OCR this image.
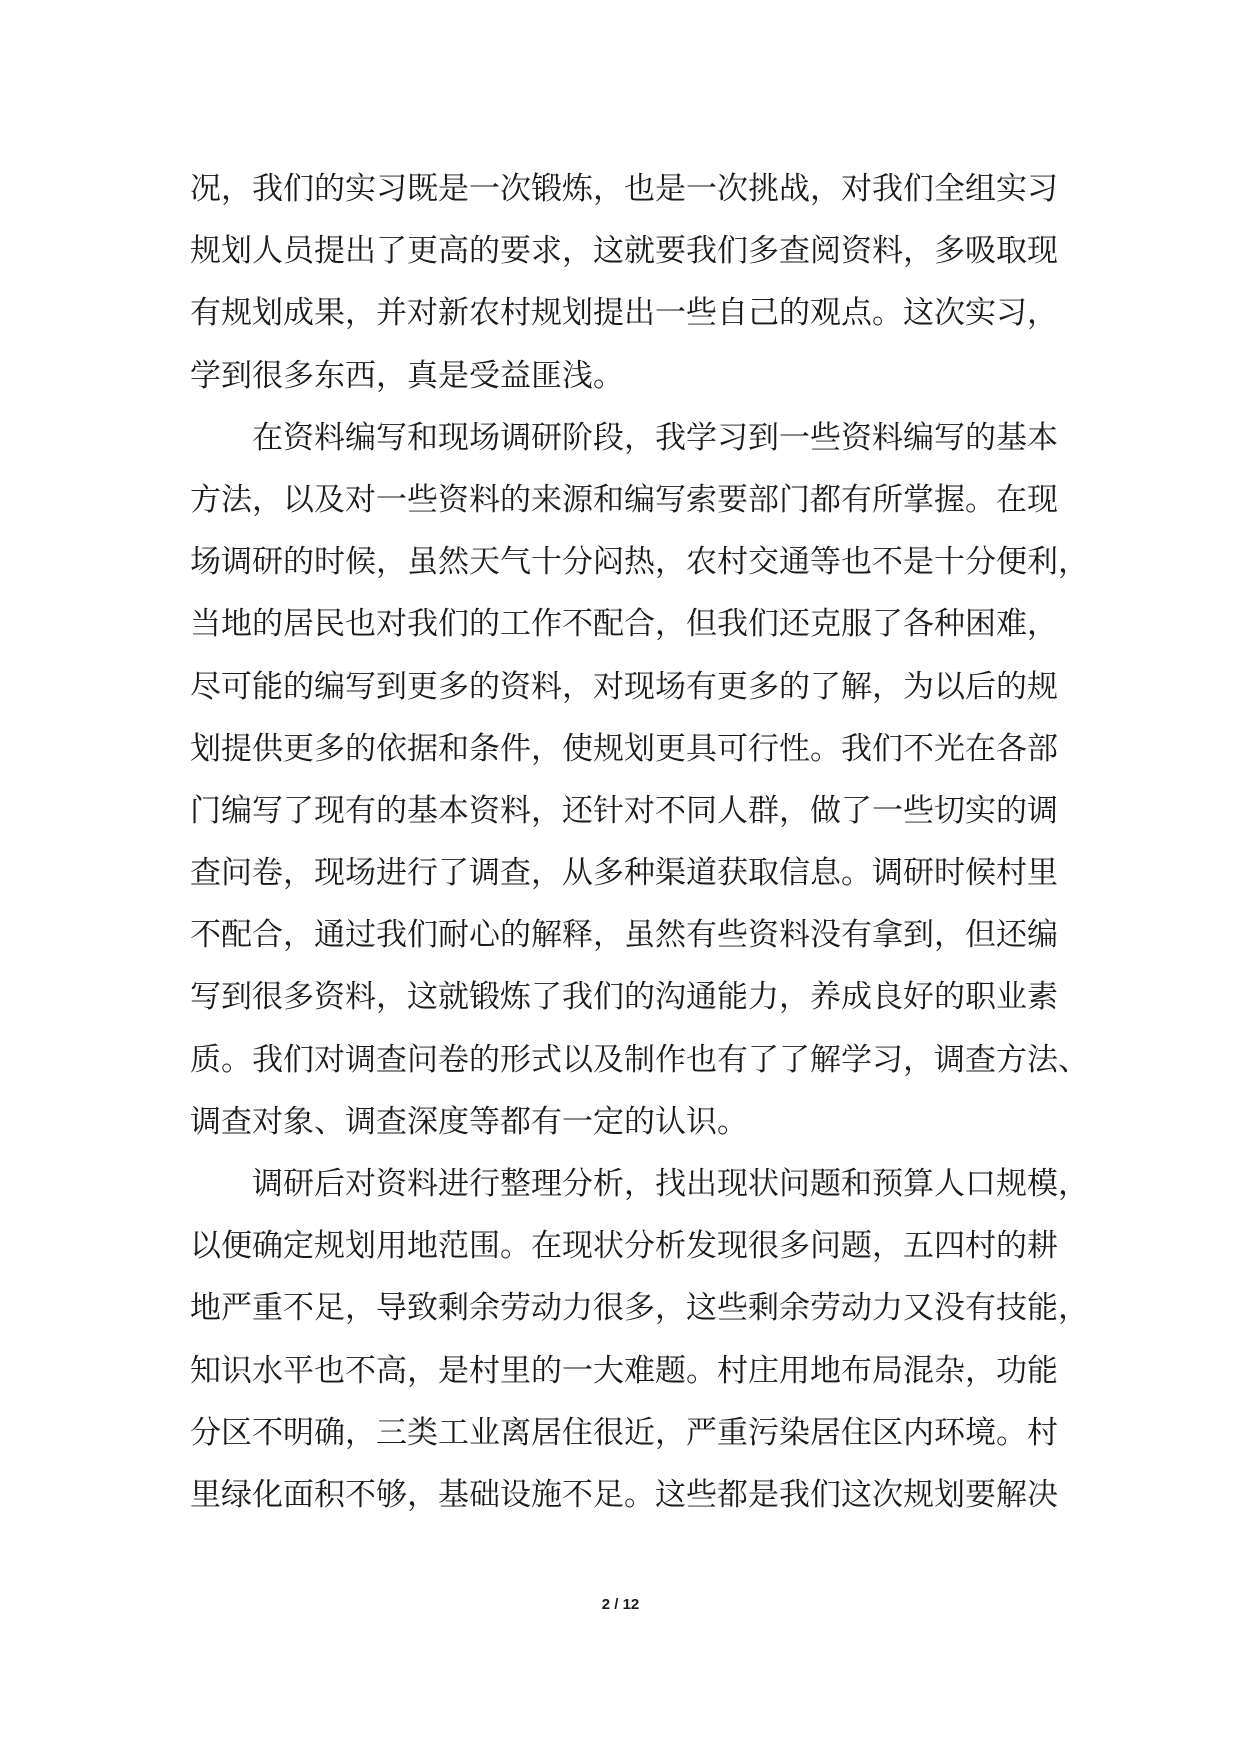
况，我们的实习既是一次锻炼，也是一次挑战，对我们全组实习
规划人员提出了更高的要求，这就要我们多查阅资料，多吸取现
有规划成果，并对新农村规划提出一些自己的观点。这次实习，
学到很多东西，真是受益匪浅。
在资料编写和现场调研阶段，我学习到一些资料编写的基本
方法，以及对一些资料的来源和编写索要部门都有所掌握。在现
场调研的时候，虽然天气十分闷热，农村交通等也不是十分便利，
当地的居民也对我们的工作不配合，但我们还克服了各种困难，
尽可能的编写到更多的资料，对现场有更多的了解，为以后的规
划提供更多的依据和条件，使规划更具可行性。我们不光在各部
门编写了现有的基本资料，还针对不同人群，做了一些切实的调
查问卷，现场进行了调查，从多种渠道获取信息。调研时候村里
不配合，通过我们耐心的解释，虽然有些资料没有拿到，但还编
写到很多资料，这就锻炼了我们的沟通能力，养成良好的职业素
质。我们对调查问卷的形式以及制作也有了了解学习，调查方法、
调查对象、调查深度等都有一定的认识。
调研后对资料进行整理分析，找出现状问题和预算人口规模，
以便确定规划用地范围。在现状分析发现很多问题，五四村的耕
地严重不足，导致剩余劳动力很多，这些剩余劳动力又没有技能，
知识水平也不高，是村里的一大难题。村庄用地布局混杂，功能
分区不明确，三类工业离居住很近，严重污染居住区内环境。村
里绿化面积不够，基础设施不足。这些都是我们这次规划要解决
2 / 12
